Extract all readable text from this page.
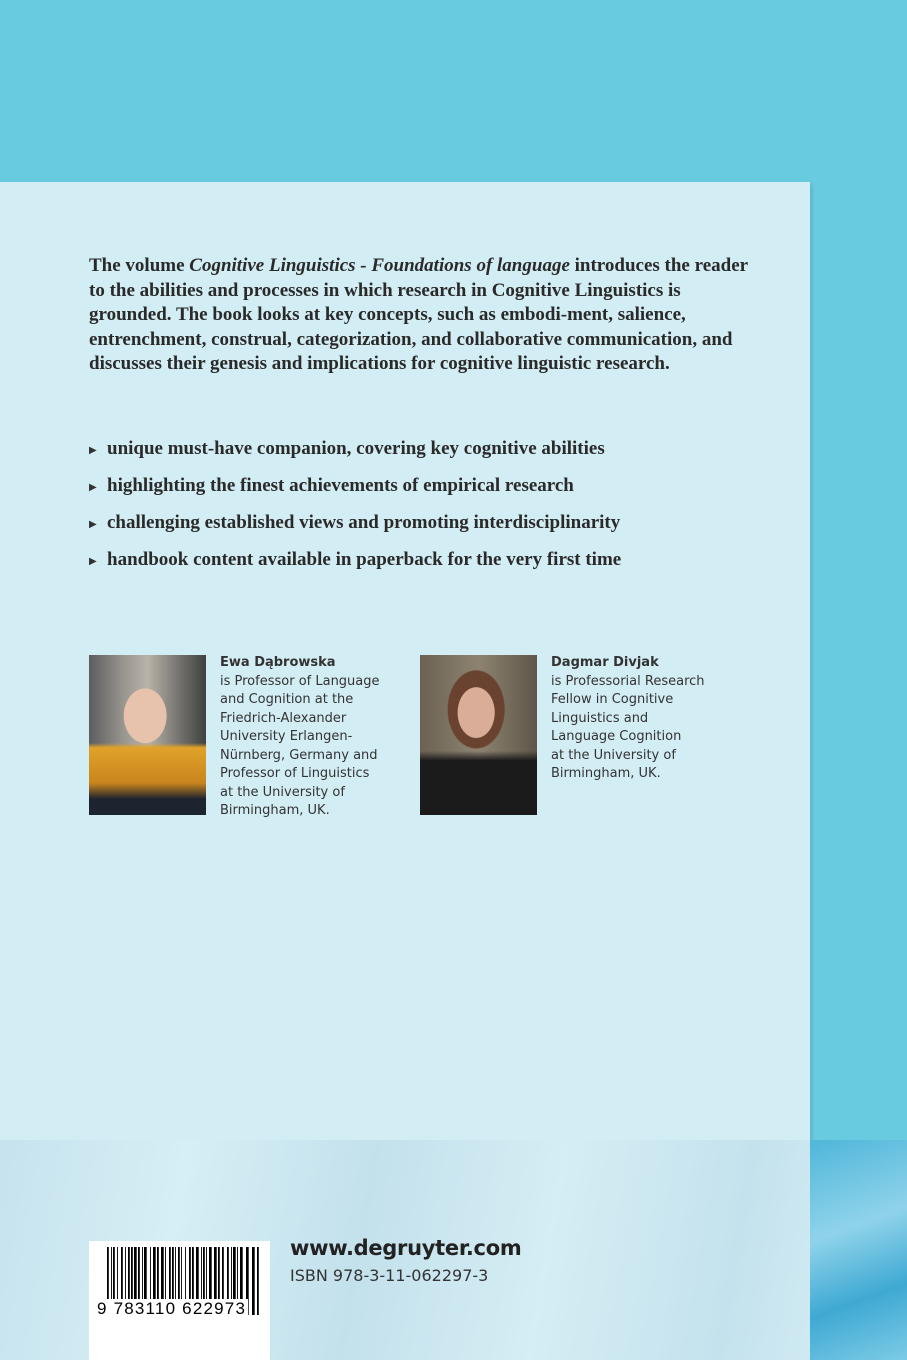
The volume Cognitive Linguistics - Foundations of language introduces the reader to the abilities and processes in which research in Cognitive Linguistics is grounded. The book looks at key concepts, such as embodi-ment, salience, entrenchment, construal, categorization, and collaborative communication, and discusses their genesis and implications for cognitive linguistic research.

▶ unique must-have companion, covering key cognitive abilities
▶ highlighting the finest achievements of empirical research
▶ challenging established views and promoting interdisciplinarity
▶ handbook content available in paperback for the very first time
Ewa Dąbrowska
is Professor of Language
and Cognition at the
Friedrich-Alexander
University Erlangen-
Nürnberg, Germany and
Professor of Linguistics
at the University of
Birmingham, UK.
Dagmar Divjak
is Professorial Research
Fellow in Cognitive
Linguistics and
Language Cognition
at the University of
Birmingham, UK.
9 783110 622973
www.degruyter.com
ISBN 978-3-11-062297-3
